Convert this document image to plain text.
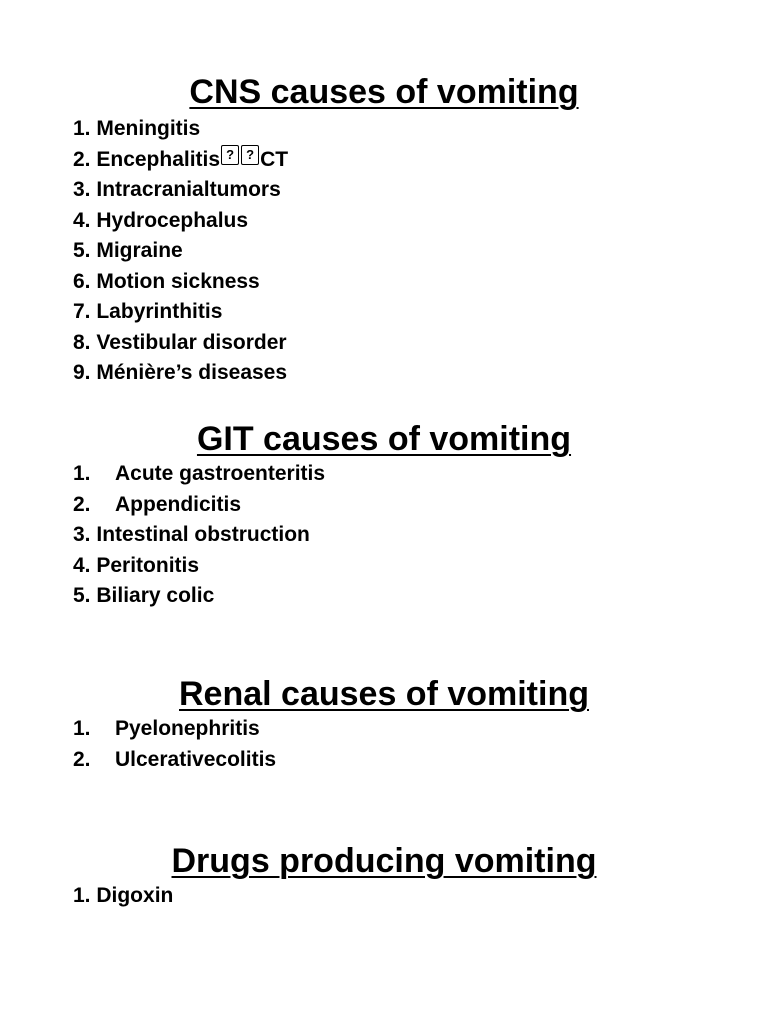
CNS causes of vomiting
1.
Meningitis
2.
Encephalitis ? ? CT
3.
Intracranialtumors
4.
Hydrocephalus
5.
Migraine
6.
Motion sickness
7.
Labyrinthitis
8.
Vestibular disorder
9.
Ménière’s diseases
GIT causes of vomiting
1.	Acute gastroenteritis
2.	Appendicitis
3.
Intestinal obstruction
4.
Peritonitis
5.
Biliary colic
Renal causes of vomiting
1.	Pyelonephritis
2.	Ulcerativecolitis
Drugs producing vomiting
1.
Digoxin
